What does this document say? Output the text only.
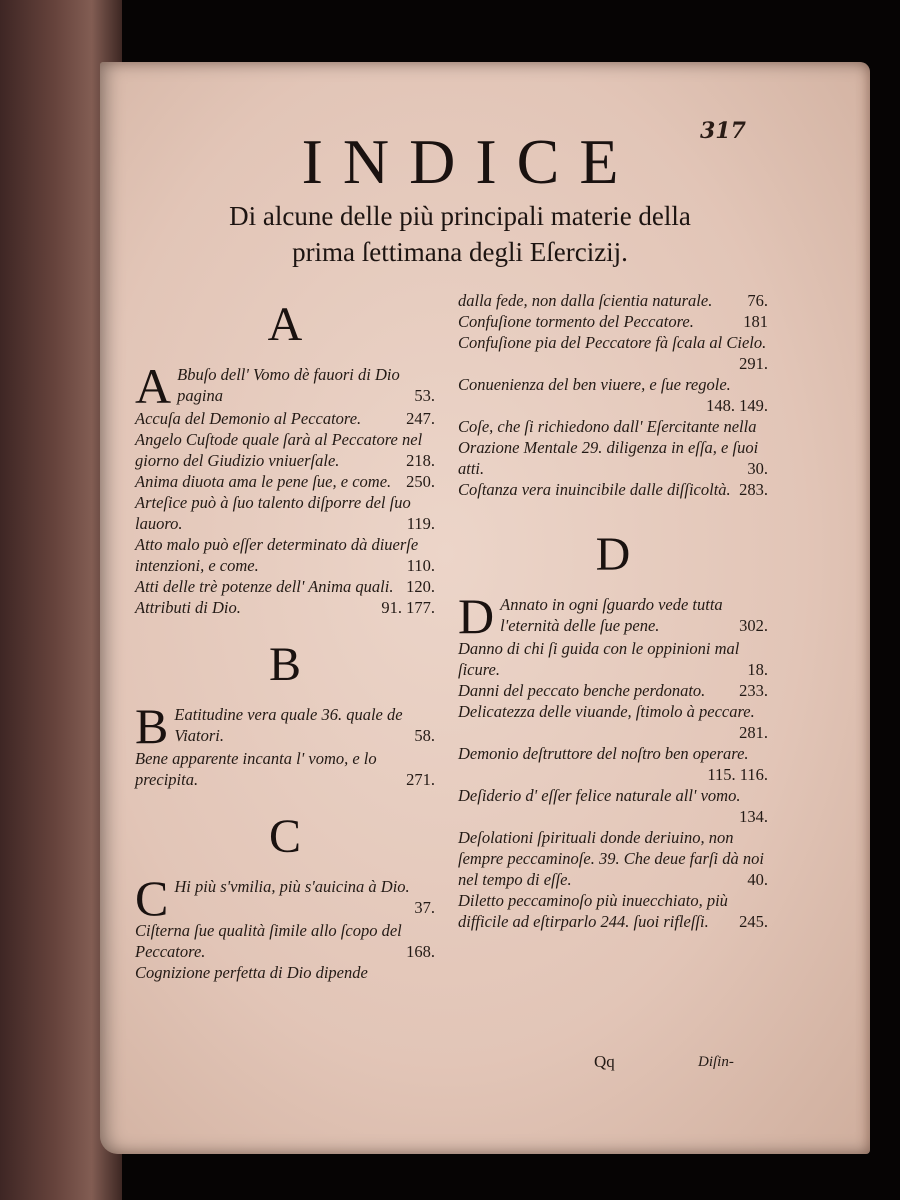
317
INDICE
Di alcune delle più principali materie della
prima ſettimana degli Eſercizij.
A

A Bbuſo dell' Vomo dè fauori di Dio pagina	53.

Accuſa del Demonio al Peccatore.	247.

Angelo Cuſtode quale ſarà al Peccatore nel giorno del Giudizio vniuerſale.	218.

Anima diuota ama le pene ſue, e come. 250.

Arteſice può à ſuo talento diſporre del ſuo lauoro.	119.

Atto malo può eſſer determinato dà diuerſe intenzioni, e come.	110.

Atti delle trè potenze dell' Anima quali. 120.

Attributi di Dio.	91. 177.

B

B Eatitudine vera quale 36. quale de Viatori.	58.

Bene apparente incanta l' vomo, e lo precipita.	271.

C

C Hi più s'vmilia, più s'auicina à Dio.
37.

Ciſterna ſue qualità ſimile allo ſcopo del Peccatore.	168.

Cognizione perfetta di Dio dipende

dalla fede, non dalla ſcientia naturale. 76.

Confuſione tormento del Peccatore.	181

Confuſione pia del Peccatore fà ſcala al Cielo.
291.

Conuenienza del ben viuere, e ſue regole.
148. 149.

Coſe, che ſi richiedono dall' Eſercitante nella Orazione Mentale 29. diligenza in eſſa, e ſuoi atti.	30.

Coſtanza vera inuincibile dalle diſſicoltà. 283.

D

D Annato in ogni ſguardo vede tutta l'eternità delle ſue pene.	302.

Danno di chi ſi guida con le oppinioni mal ſicure.	18.

Danni del peccato benche perdonato. 233.

Delicatezza delle viuande, ſtimolo à peccare.
281.

Demonio deſtruttore del noſtro ben operare.
115. 116.

Deſiderio d' eſſer felice naturale all' vomo.
134.

Deſolationi ſpirituali donde deriuino, non ſempre peccaminoſe. 39. Che deue farſi dà noi nel tempo di eſſe.	40.

Diletto peccaminoſo più inuecchiato, più difficile ad eſtirparlo 244. ſuoi rifleſſi. 245.

Qq	Diſin-
